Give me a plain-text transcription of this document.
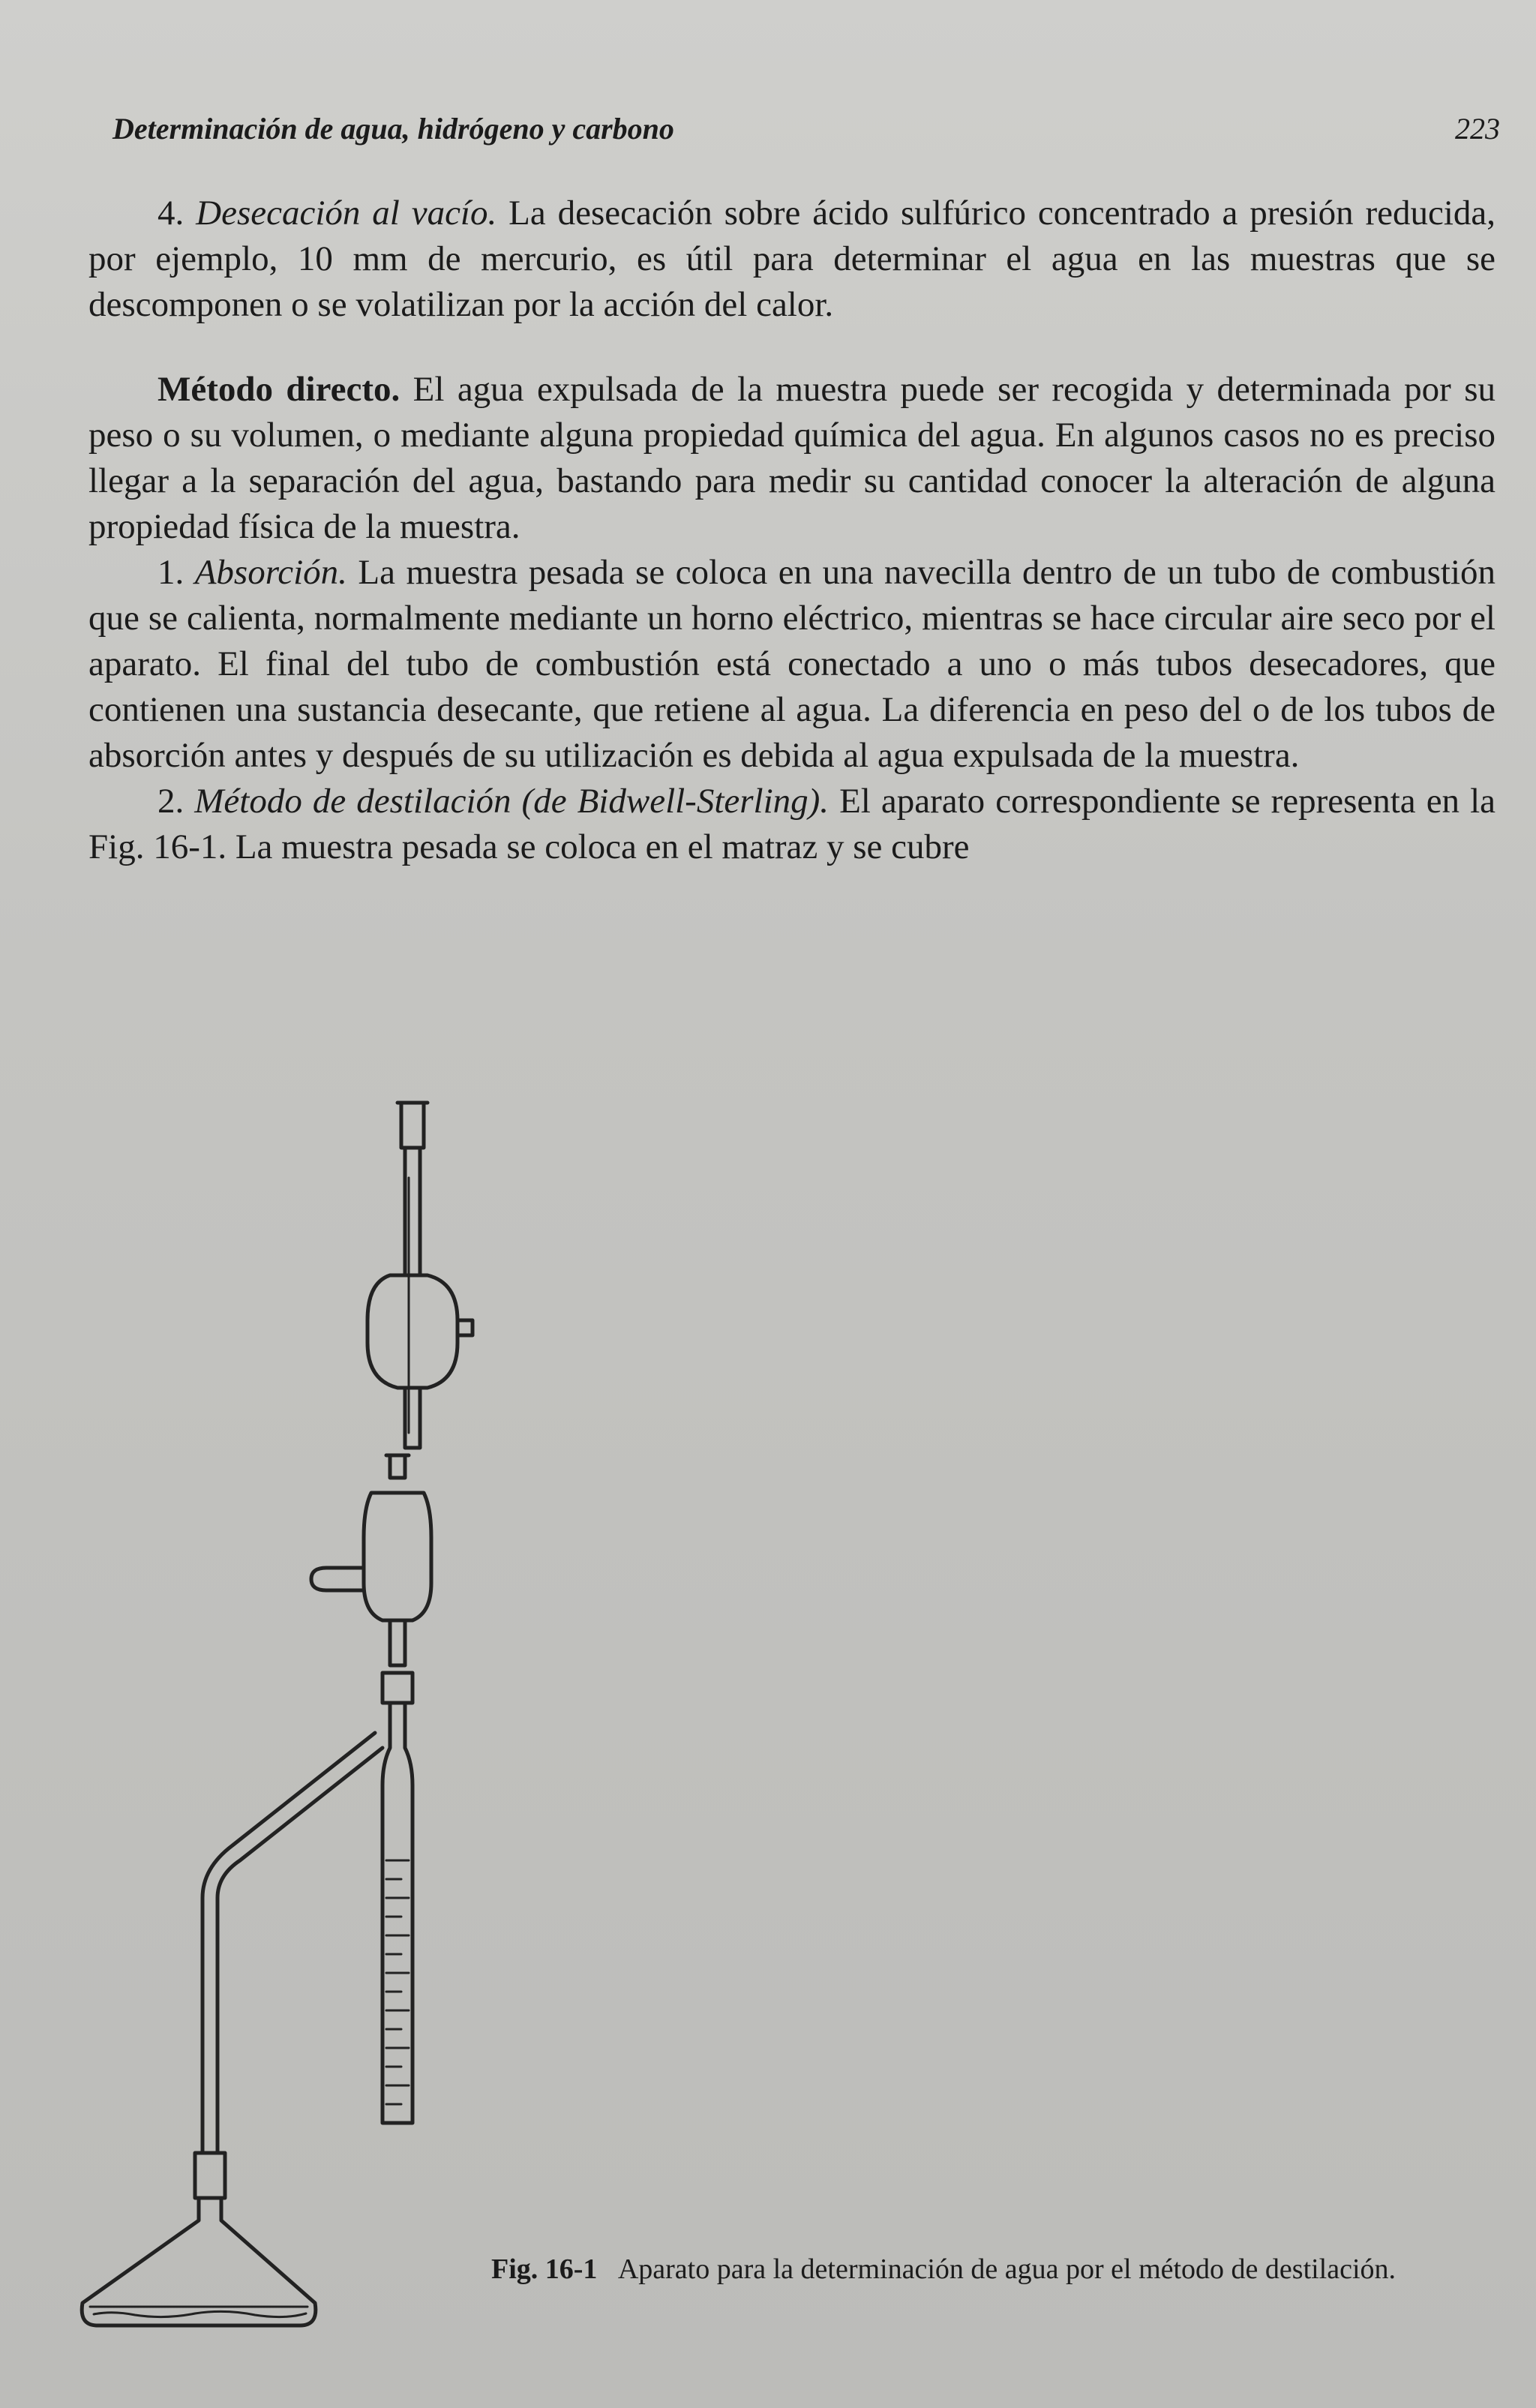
Determinación de agua, hidrógeno y carbono	223

4. Desecación al vacío. La desecación sobre ácido sulfúrico concentrado a presión reducida, por ejemplo, 10 mm de mercurio, es útil para determinar el agua en las muestras que se descomponen o se volatilizan por la acción del calor.

Método directo. El agua expulsada de la muestra puede ser recogida y determinada por su peso o su volumen, o mediante alguna propiedad química del agua. En algunos casos no es preciso llegar a la separación del agua, bastando para medir su cantidad conocer la alteración de alguna propiedad física de la muestra.

1. Absorción. La muestra pesada se coloca en una navecilla dentro de un tubo de combustión que se calienta, normalmente mediante un horno eléctrico, mientras se hace circular aire seco por el aparato. El final del tubo de combustión está conectado a uno o más tubos desecadores, que contienen una sustancia desecante, que retiene al agua. La diferencia en peso del o de los tubos de absorción antes y después de su utilización es debida al agua expulsada de la muestra.

2. Método de destilación (de Bidwell-Sterling). El aparato correspondiente se representa en la Fig. 16-1. La muestra pesada se coloca en el matraz y se cubre

Fig. 16-1 Aparato para la determinación de agua por el método de destilación.
